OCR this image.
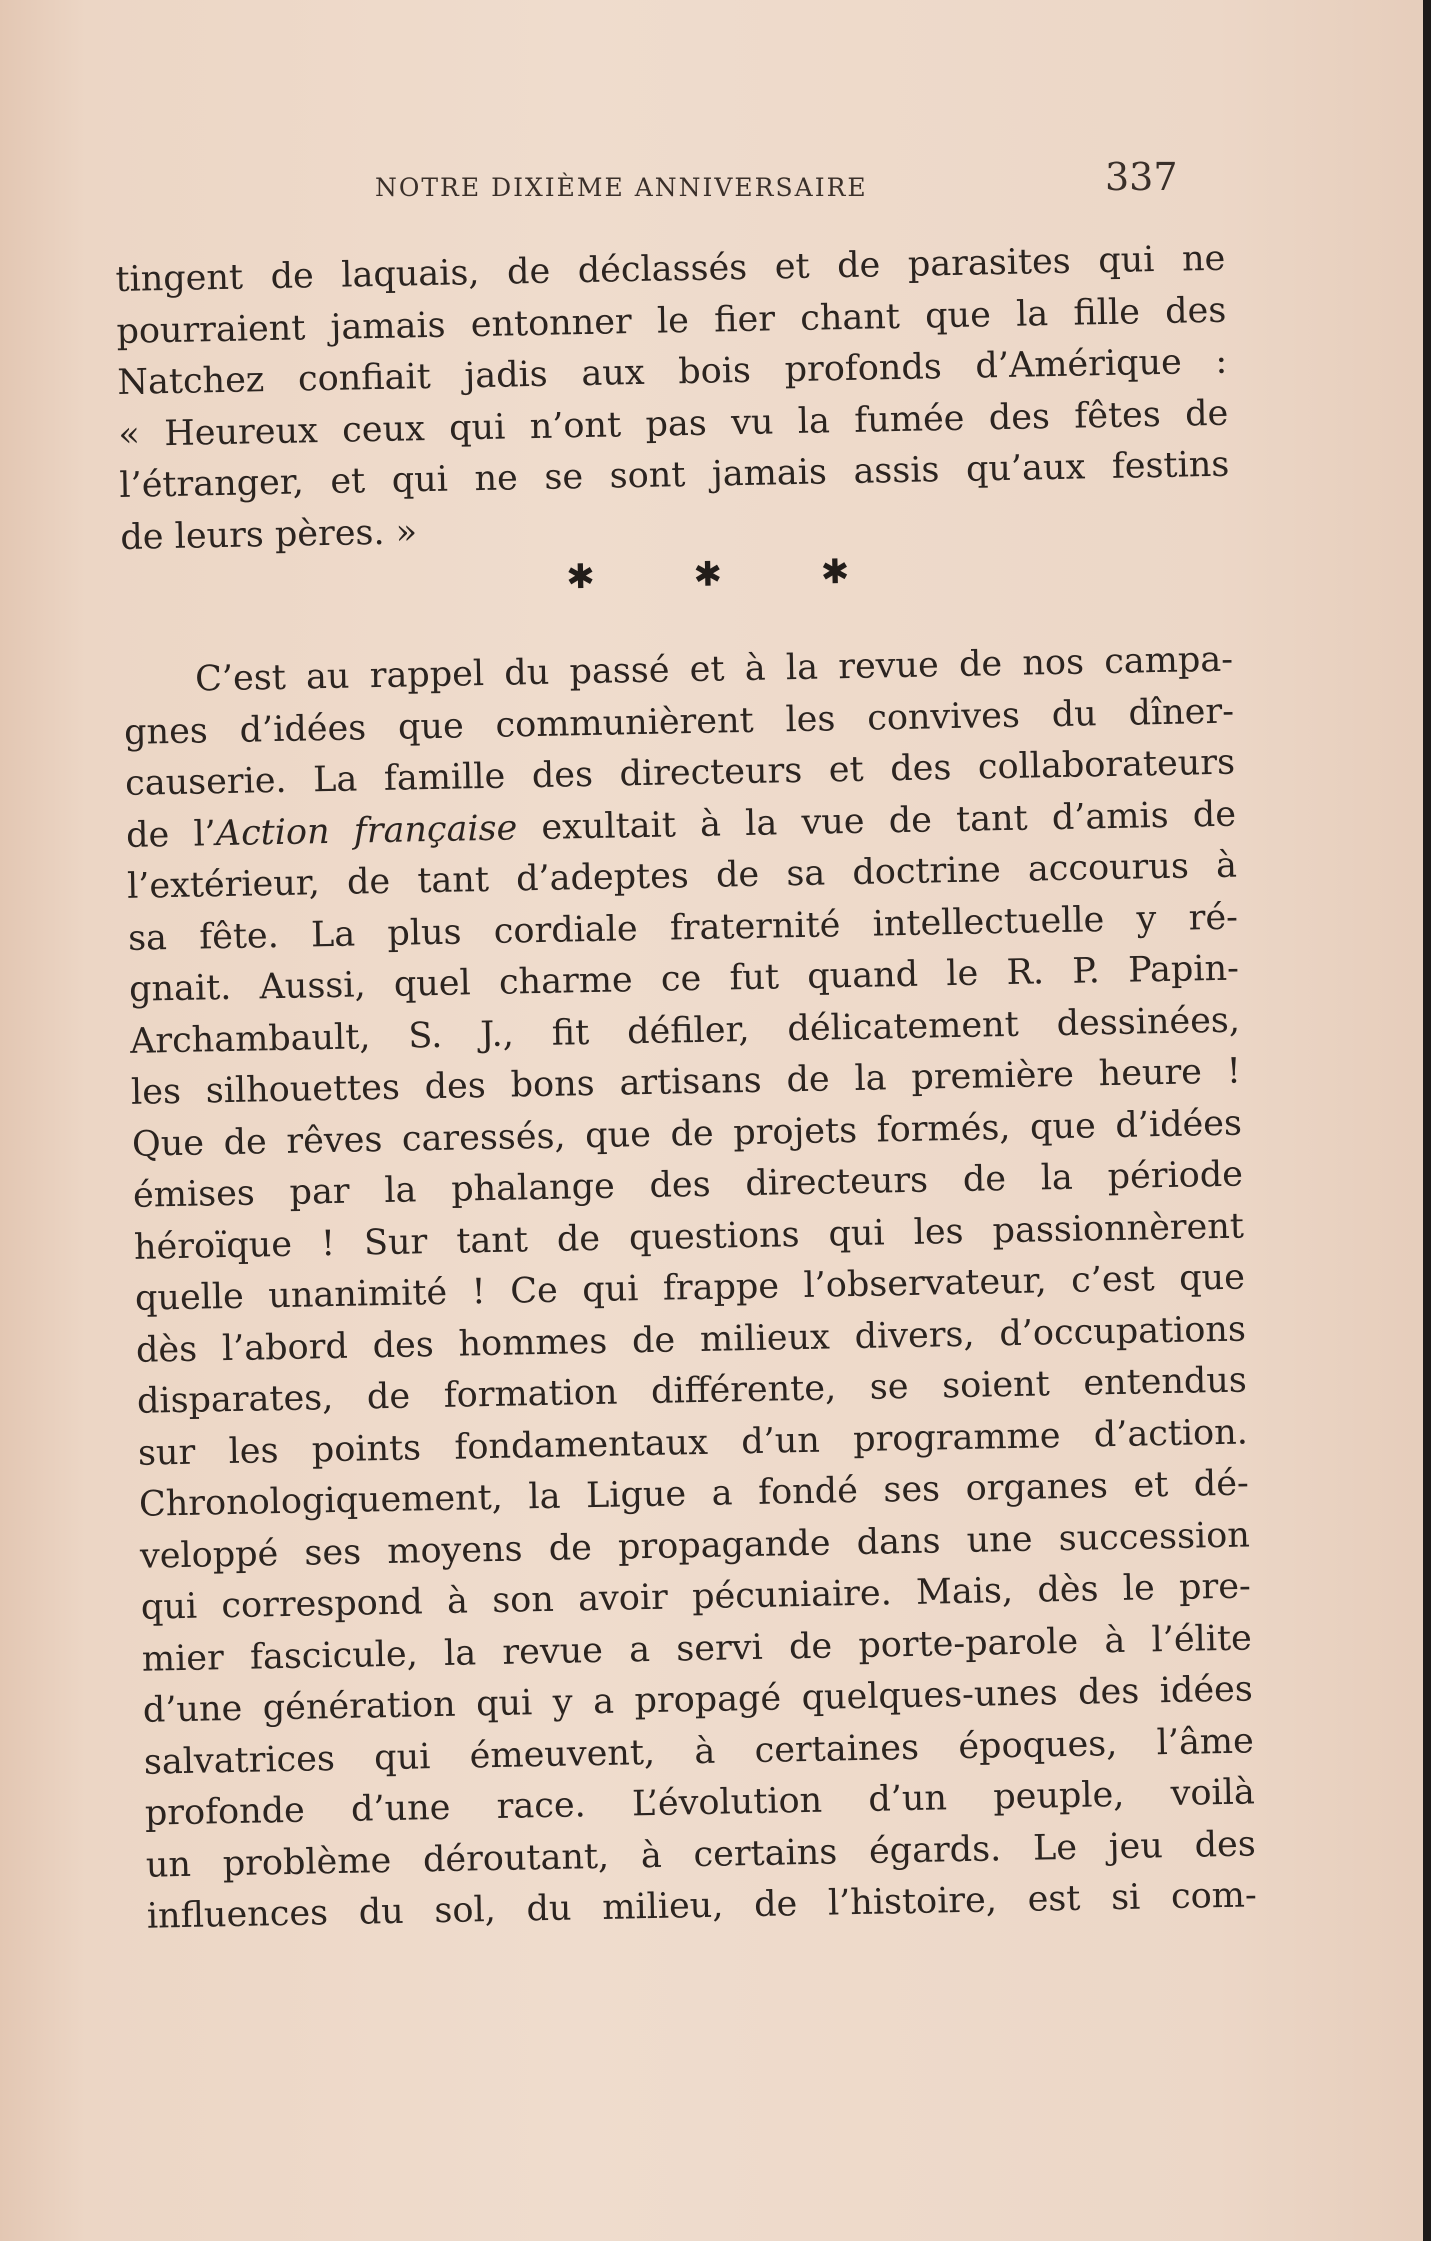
NOTRE DIXIÈME ANNIVERSAIRE	337
tingent de laquais, de déclassés et de parasites qui ne
pourraient jamais entonner le fier chant que la fille des
Natchez confiait jadis aux bois profonds d’Amérique :
« Heureux ceux qui n’ont pas vu la fumée des fêtes de
l’étranger, et qui ne se sont jamais assis qu’aux festins
de leurs pères. »
✱ ✱ ✱
C’est au rappel du passé et à la revue de nos campa-
gnes d’idées que communièrent les convives du dîner-
causerie. La famille des directeurs et des collaborateurs
de l’Action française exultait à la vue de tant d’amis de
l’extérieur, de tant d’adeptes de sa doctrine accourus à
sa fête. La plus cordiale fraternité intellectuelle y ré-
gnait. Aussi, quel charme ce fut quand le R. P. Papin-
Archambault, S. J., fit défiler, délicatement dessinées,
les silhouettes des bons artisans de la première heure !
Que de rêves caressés, que de projets formés, que d’idées
émises par la phalange des directeurs de la période
héroïque ! Sur tant de questions qui les passionnèrent
quelle unanimité ! Ce qui frappe l’observateur, c’est que
dès l’abord des hommes de milieux divers, d’occupations
disparates, de formation différente, se soient entendus
sur les points fondamentaux d’un programme d’action.
Chronologiquement, la Ligue a fondé ses organes et dé-
veloppé ses moyens de propagande dans une succession
qui correspond à son avoir pécuniaire. Mais, dès le pre-
mier fascicule, la revue a servi de porte-parole à l’élite
d’une génération qui y a propagé quelques-unes des idées
salvatrices qui émeuvent, à certaines époques, l’âme
profonde d’une race. L’évolution d’un peuple, voilà
un problème déroutant, à certains égards. Le jeu des
influences du sol, du milieu, de l’histoire, est si com-
